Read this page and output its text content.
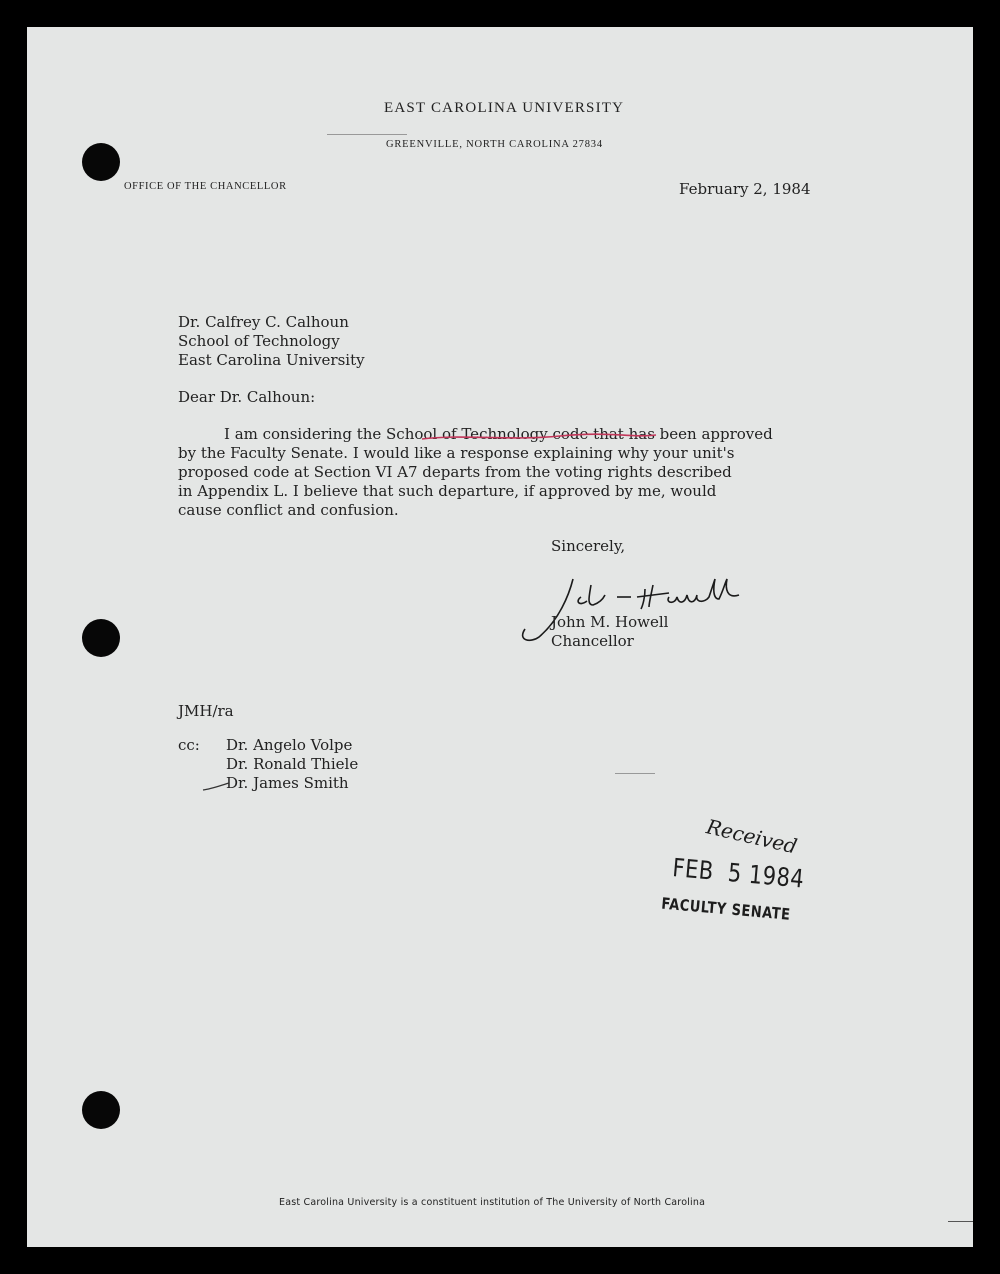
EAST CAROLINA UNIVERSITY
GREENVILLE, NORTH CAROLINA 27834
OFFICE OF THE CHANCELLOR	February 2, 1984
Dr. Calfrey C. Calhoun
School of Technology
East Carolina University
Dear Dr. Calhoun:
I am considering the School of Technology code that has been approved
by the Faculty Senate. I would like a response explaining why your unit's
proposed code at Section VI A7 departs from the voting rights described
in Appendix L. I believe that such departure, if approved by me, would
cause conflict and confusion.
Sincerely,
John M. Howell
Chancellor
JMH/ra
cc: Dr. Angelo Volpe
Dr. Ronald Thiele
Dr. James Smith
Received
FEB  5 1984
FACULTY SENATE
East Carolina University is a constituent institution of The University of North Carolina
